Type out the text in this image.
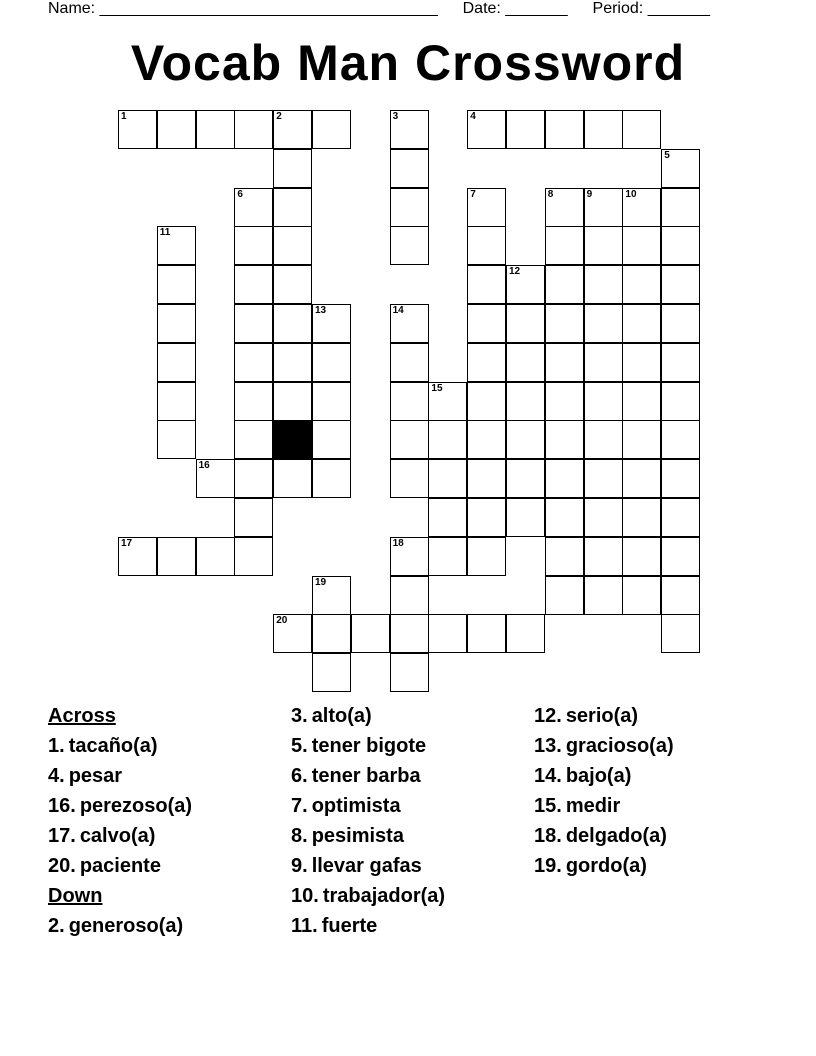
Name: ______________________________________ Date: _______ Period: _______
Vocab Man Crossword
1	2	3	4
5
6	7	8	9	10
11
12
13	14
15
16
17	18
19
20
Across
1. tacaño(a)
4. pesar
16. perezoso(a)
17. calvo(a)
20. paciente
Down
2. generoso(a)
3. alto(a)
5. tener bigote
6. tener barba
7. optimista
8. pesimista
9. llevar gafas
10. trabajador(a)
11. fuerte
12. serio(a)
13. gracioso(a)
14. bajo(a)
15. medir
18. delgado(a)
19. gordo(a)
